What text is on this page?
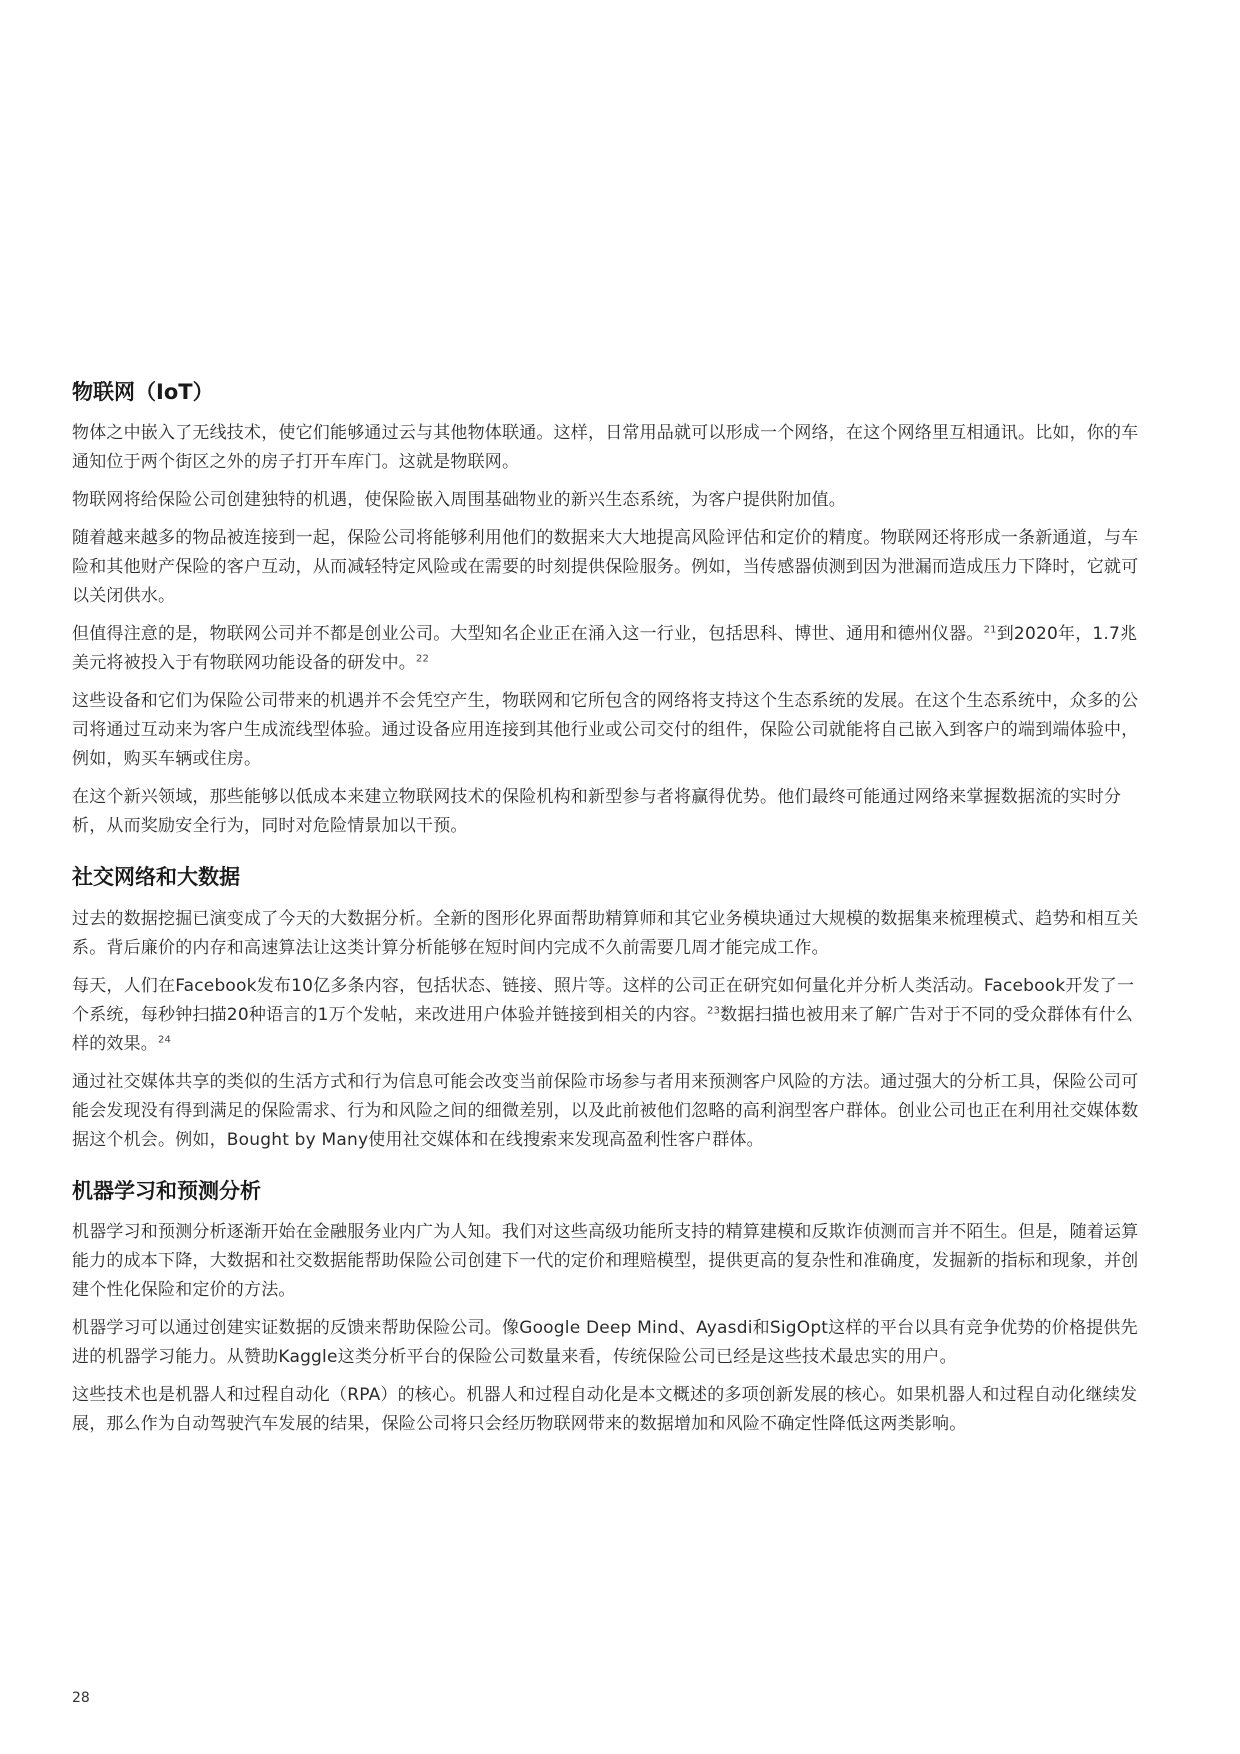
物联网（IoT）

物体之中嵌入了无线技术，使它们能够通过云与其他物体联通。这样，日常用品就可以形成一个网络，在这个网络里互相通讯。比如，你的车通知位于两个街区之外的房子打开车库门。这就是物联网。

物联网将给保险公司创建独特的机遇，使保险嵌入周围基础物业的新兴生态系统，为客户提供附加值。

随着越来越多的物品被连接到一起，保险公司将能够利用他们的数据来大大地提高风险评估和定价的精度。物联网还将形成一条新通道，与车险和其他财产保险的客户互动，从而减轻特定风险或在需要的时刻提供保险服务。例如，当传感器侦测到因为泄漏而造成压力下降时，它就可以关闭供水。

但值得注意的是，物联网公司并不都是创业公司。大型知名企业正在涌入这一行业，包括思科、博世、通用和德州仪器。$^{21}$到2020年，1.7兆美元将被投入于有物联网功能设备的研发中。$^{22}$

这些设备和它们为保险公司带来的机遇并不会凭空产生，物联网和它所包含的网络将支持这个生态系统的发展。在这个生态系统中，众多的公司将通过互动来为客户生成流线型体验。通过设备应用连接到其他行业或公司交付的组件，保险公司就能将自己嵌入到客户的端到端体验中，例如，购买车辆或住房。

在这个新兴领域，那些能够以低成本来建立物联网技术的保险机构和新型参与者将赢得优势。他们最终可能通过网络来掌握数据流的实时分析，从而奖励安全行为，同时对危险情景加以干预。

社交网络和大数据

过去的数据挖掘已演变成了今天的大数据分析。全新的图形化界面帮助精算师和其它业务模块通过大规模的数据集来梳理模式、趋势和相互关系。背后廉价的内存和高速算法让这类计算分析能够在短时间内完成不久前需要几周才能完成工作。

每天，人们在Facebook发布10亿多条内容，包括状态、链接、照片等。这样的公司正在研究如何量化并分析人类活动。Facebook开发了一个系统，每秒钟扫描20种语言的1万个发帖，来改进用户体验并链接到相关的内容。$^{23}$数据扫描也被用来了解广告对于不同的受众群体有什么样的效果。$^{24}$

通过社交媒体共享的类似的生活方式和行为信息可能会改变当前保险市场参与者用来预测客户风险的方法。通过强大的分析工具，保险公司可能会发现没有得到满足的保险需求、行为和风险之间的细微差别，以及此前被他们忽略的高利润型客户群体。创业公司也正在利用社交媒体数据这个机会。例如，Bought by Many使用社交媒体和在线搜索来发现高盈利性客户群体。

机器学习和预测分析

机器学习和预测分析逐渐开始在金融服务业内广为人知。我们对这些高级功能所支持的精算建模和反欺诈侦测而言并不陌生。但是，随着运算能力的成本下降，大数据和社交数据能帮助保险公司创建下一代的定价和理赔模型，提供更高的复杂性和准确度，发掘新的指标和现象，并创建个性化保险和定价的方法。

机器学习可以通过创建实证数据的反馈来帮助保险公司。像Google Deep Mind、Ayasdi和SigOpt这样的平台以具有竞争优势的价格提供先进的机器学习能力。从赞助Kaggle这类分析平台的保险公司数量来看，传统保险公司已经是这些技术最忠实的用户。

这些技术也是机器人和过程自动化（RPA）的核心。机器人和过程自动化是本文概述的多项创新发展的核心。如果机器人和过程自动化继续发展，那么作为自动驾驶汽车发展的结果，保险公司将只会经历物联网带来的数据增加和风险不确定性降低这两类影响。

28
